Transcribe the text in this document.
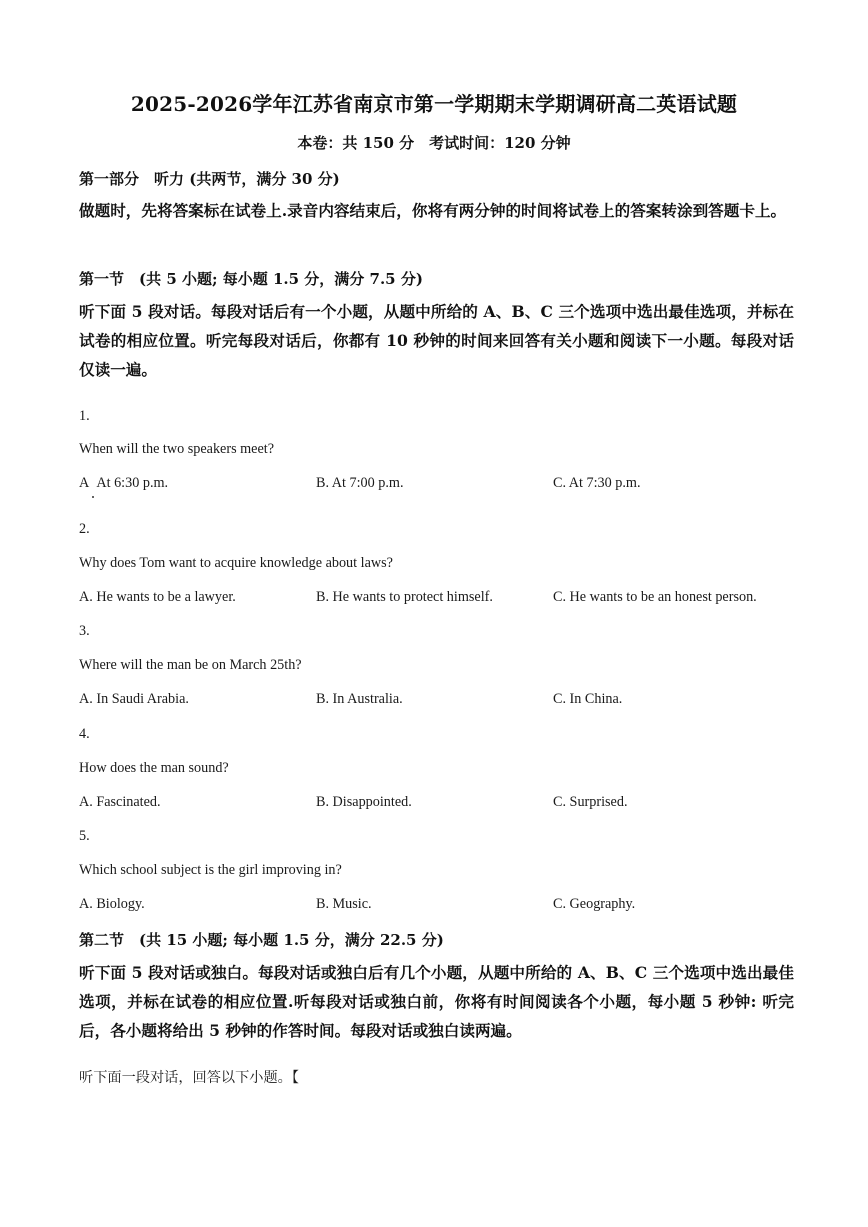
2025-2026学年江苏省南京市第一学期期末学期调研高二英语试题
本卷：共 150 分　考试时间：120 分钟
第一部分　听力 (共两节，满分 30 分)
做题时，先将答案标在试卷上.录音内容结束后，你将有两分钟的时间将试卷上的答案转涂到答题卡上。
第一节　(共 5 小题; 每小题 1.5 分，满分 7.5 分)
听下面 5 段对话。每段对话后有一个小题，从题中所给的 A、B、C 三个选项中选出最佳选项，并标在试卷的相应位置。听完每段对话后，你都有 10 秒钟的时间来回答有关小题和阅读下一小题。每段对话仅读一遍。
1.
When will the two speakers meet?
A  At 6:30 p.m.	B. At 7:00 p.m.	C. At 7:30 p.m.
2.
Why does Tom want to acquire knowledge about laws?
A. He wants to be a lawyer.	B. He wants to protect himself.	C. He wants to be an honest person.
3.
Where will the man be on March 25th?
A. In Saudi Arabia.	B. In Australia.	C. In China.
4.
How does the man sound?
A. Fascinated.	B. Disappointed.	C. Surprised.
5.
Which school subject is the girl improving in?
A. Biology.	B. Music.	C. Geography.
第二节　(共 15 小题; 每小题 1.5 分，满分 22.5 分)
听下面 5 段对话或独白。每段对话或独白后有几个小题，从题中所给的 A、B、C 三个选项中选出最佳选项，并标在试卷的相应位置.听每段对话或独白前，你将有时间阅读各个小题，每小题 5 秒钟: 听完后，各小题将给出 5 秒钟的作答时间。每段对话或独白读两遍。
听下面一段对话，回答以下小题。【
